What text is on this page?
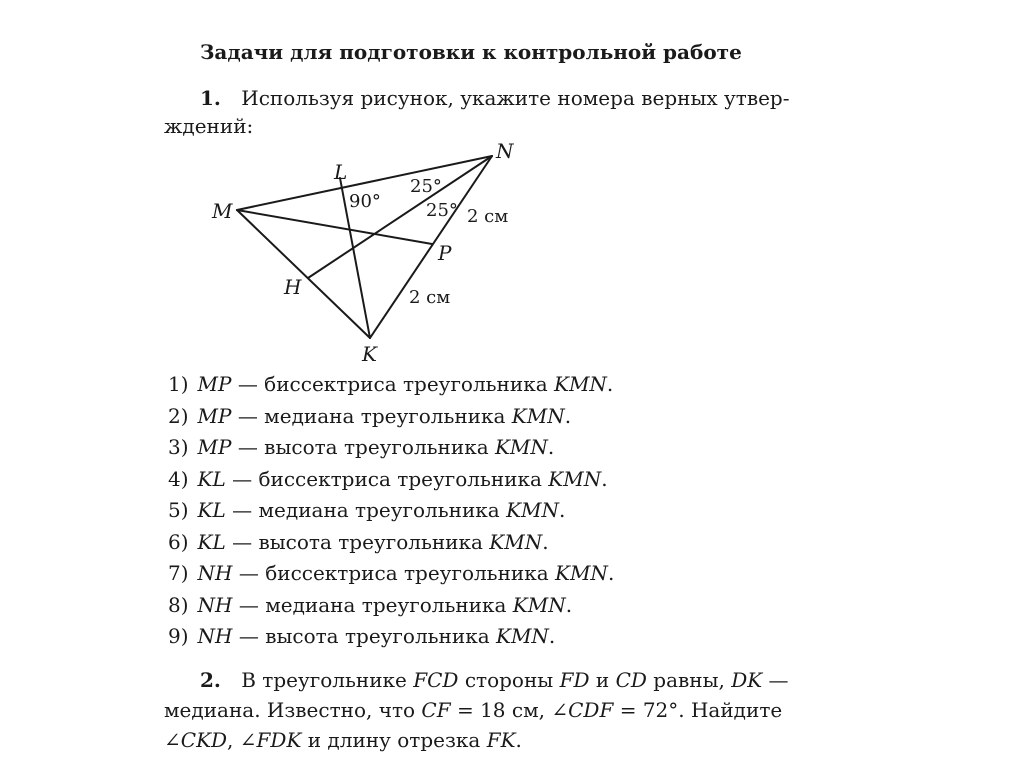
Задачи для подготовки к контрольной работе
1. Используя рисунок, укажите номера верных утвер-
ждений:
M
N
K
L
P
H
90°
25°
25° 2 см
2 см
1) MP — биссектриса треугольника KMN.
2) MP — медиана треугольника KMN.
3) MP — высота треугольника KMN.
4) KL — биссектриса треугольника KMN.
5) KL — медиана треугольника KMN.
6) KL — высота треугольника KMN.
7) NH — биссектриса треугольника KMN.
8) NH — медиана треугольника KMN.
9) NH — высота треугольника KMN.
2. В треугольнике FCD стороны FD и CD равны, DK —
медиана. Известно, что CF = 18 см, ∠CDF = 72°. Найдите
∠CKD, ∠FDK и длину отрезка FK.
